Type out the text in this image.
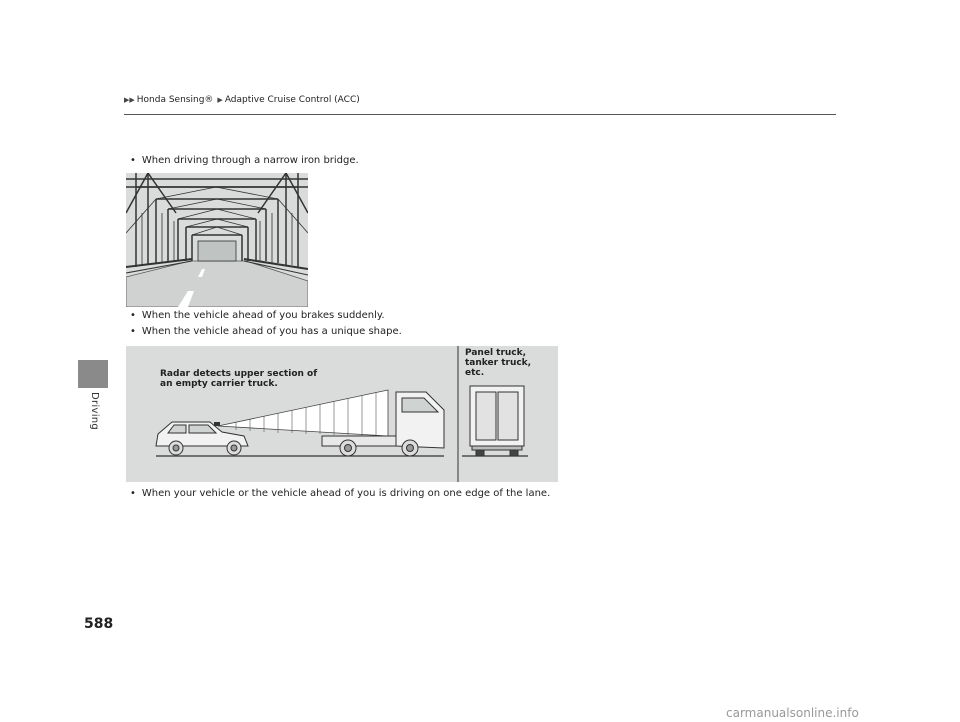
Driving
588
▶▶ Honda Sensing® ▶ Adaptive Cruise Control (ACC)
• When driving through a narrow iron bridge.
• When the vehicle ahead of you brakes suddenly.
• When the vehicle ahead of you has a unique shape.
Radar detects upper section of
an empty carrier truck.
Panel truck,
tanker truck,
etc.
• When your vehicle or the vehicle ahead of you is driving on one edge of the lane.
carmanualsonline.info
